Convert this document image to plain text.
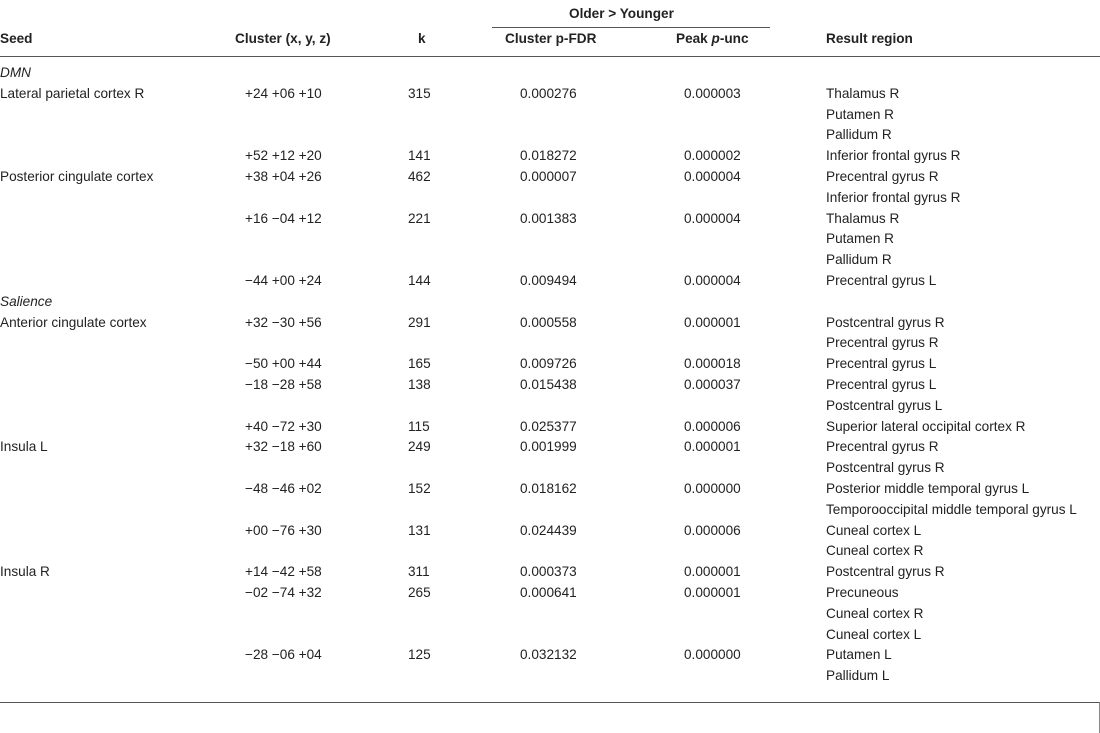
Older > Younger
Seed	Cluster (x, y, z)	k	Cluster p-FDR	Peak p-unc	Result region
DMN
Lateral parietal cortex R	+24 +06 +10	315	0.000276	0.000003	Thalamus R
Putamen R
Pallidum R
+52 +12 +20	141	0.018272	0.000002	Inferior frontal gyrus R
Posterior cingulate cortex	+38 +04 +26	462	0.000007	0.000004	Precentral gyrus R
Inferior frontal gyrus R
+16 −04 +12	221	0.001383	0.000004	Thalamus R
Putamen R
Pallidum R
−44 +00 +24	144	0.009494	0.000004	Precentral gyrus L
Salience
Anterior cingulate cortex	+32 −30 +56	291	0.000558	0.000001	Postcentral gyrus R
Precentral gyrus R
−50 +00 +44	165	0.009726	0.000018	Precentral gyrus L
−18 −28 +58	138	0.015438	0.000037	Precentral gyrus L
Postcentral gyrus L
+40 −72 +30	115	0.025377	0.000006	Superior lateral occipital cortex R
Insula L	+32 −18 +60	249	0.001999	0.000001	Precentral gyrus R
Postcentral gyrus R
−48 −46 +02	152	0.018162	0.000000	Posterior middle temporal gyrus L
Temporooccipital middle temporal gyrus L
+00 −76 +30	131	0.024439	0.000006	Cuneal cortex L
Cuneal cortex R
Insula R	+14 −42 +58	311	0.000373	0.000001	Postcentral gyrus R
−02 −74 +32	265	0.000641	0.000001	Precuneous
Cuneal cortex R
Cuneal cortex L
−28 −06 +04	125	0.032132	0.000000	Putamen L
Pallidum L
